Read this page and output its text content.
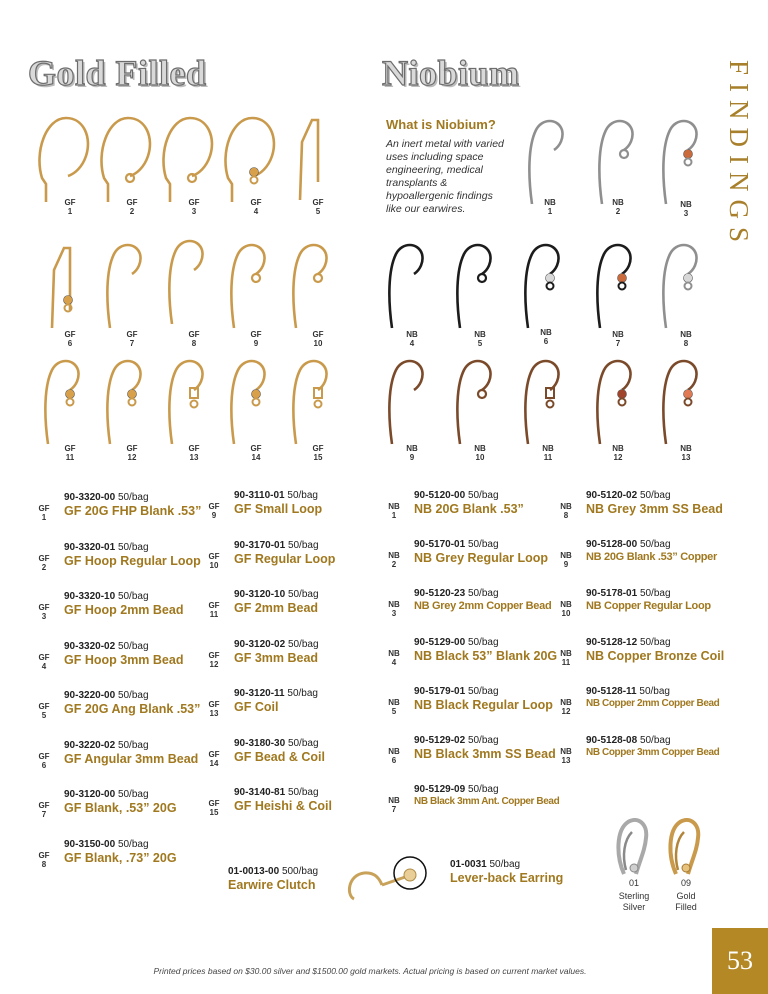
Gold Filled	Niobium	FINDINGS
What is Niobium?
An inert metal with varied uses including space engineering, medical transplants & hypoallergenic findings like our earwires.
GF
1
GF
2
GF
3
GF
4
GF
5
GF
6
GF
7
GF
8
GF
9
GF
10
GF
11
GF
12
GF
13
GF
14
GF
15
NB
1
NB
2
NB
3
NB
4
NB
5
NB
6
NB
7
NB
8
NB
9
NB
10
NB
11
NB
12
NB
13
GF
1
90-3320-00 50/bag
GF 20G FHP Blank .53”
GF
2
90-3320-01 50/bag
GF Hoop Regular Loop
GF
3
90-3320-10 50/bag
GF Hoop 2mm Bead
GF
4
90-3320-02 50/bag
GF Hoop 3mm Bead
GF
5
90-3220-00 50/bag
GF 20G Ang Blank .53”
GF
6
90-3220-02 50/bag
GF Angular 3mm Bead
GF
7
90-3120-00 50/bag
GF Blank, .53” 20G
GF
8
90-3150-00 50/bag
GF Blank, .73” 20G
GF
9
90-3110-01 50/bag
GF Small Loop
GF
10
90-3170-01 50/bag
GF Regular Loop
GF
11
90-3120-10 50/bag
GF 2mm Bead
GF
12
90-3120-02 50/bag
GF 3mm Bead
GF
13
90-3120-11 50/bag
GF Coil
GF
14
90-3180-30 50/bag
GF Bead & Coil
GF
15
90-3140-81 50/bag
GF Heishi & Coil
NB
1
90-5120-00 50/bag
NB 20G Blank .53”
NB
2
90-5170-01 50/bag
NB Grey Regular Loop
NB
3
90-5120-23 50/bag
NB Grey 2mm Copper Bead
NB
4
90-5129-00 50/bag
NB Black 53” Blank 20G
NB
5
90-5179-01 50/bag
NB Black Regular Loop
NB
6
90-5129-02 50/bag
NB Black 3mm SS Bead
NB
7
90-5129-09 50/bag
NB Black 3mm Ant. Copper Bead
NB
8
90-5120-02 50/bag
NB Grey 3mm SS Bead
NB
9
90-5128-00 50/bag
NB 20G Blank .53” Copper
NB
10
90-5178-01 50/bag
NB Copper Regular Loop
NB
11
90-5128-12 50/bag
NB Copper Bronze Coil
NB
12
90-5128-11 50/bag
NB Copper 2mm Copper Bead
NB
13
90-5128-08 50/bag
NB Copper 3mm Copper Bead
01-0013-00 500/bag
Earwire Clutch
01-0031 50/bag
Lever-back Earring	01
Sterling
Silver
09
Gold
Filled
53
Printed prices based on $30.00 silver and $1500.00 gold markets. Actual pricing is based on current market values.
